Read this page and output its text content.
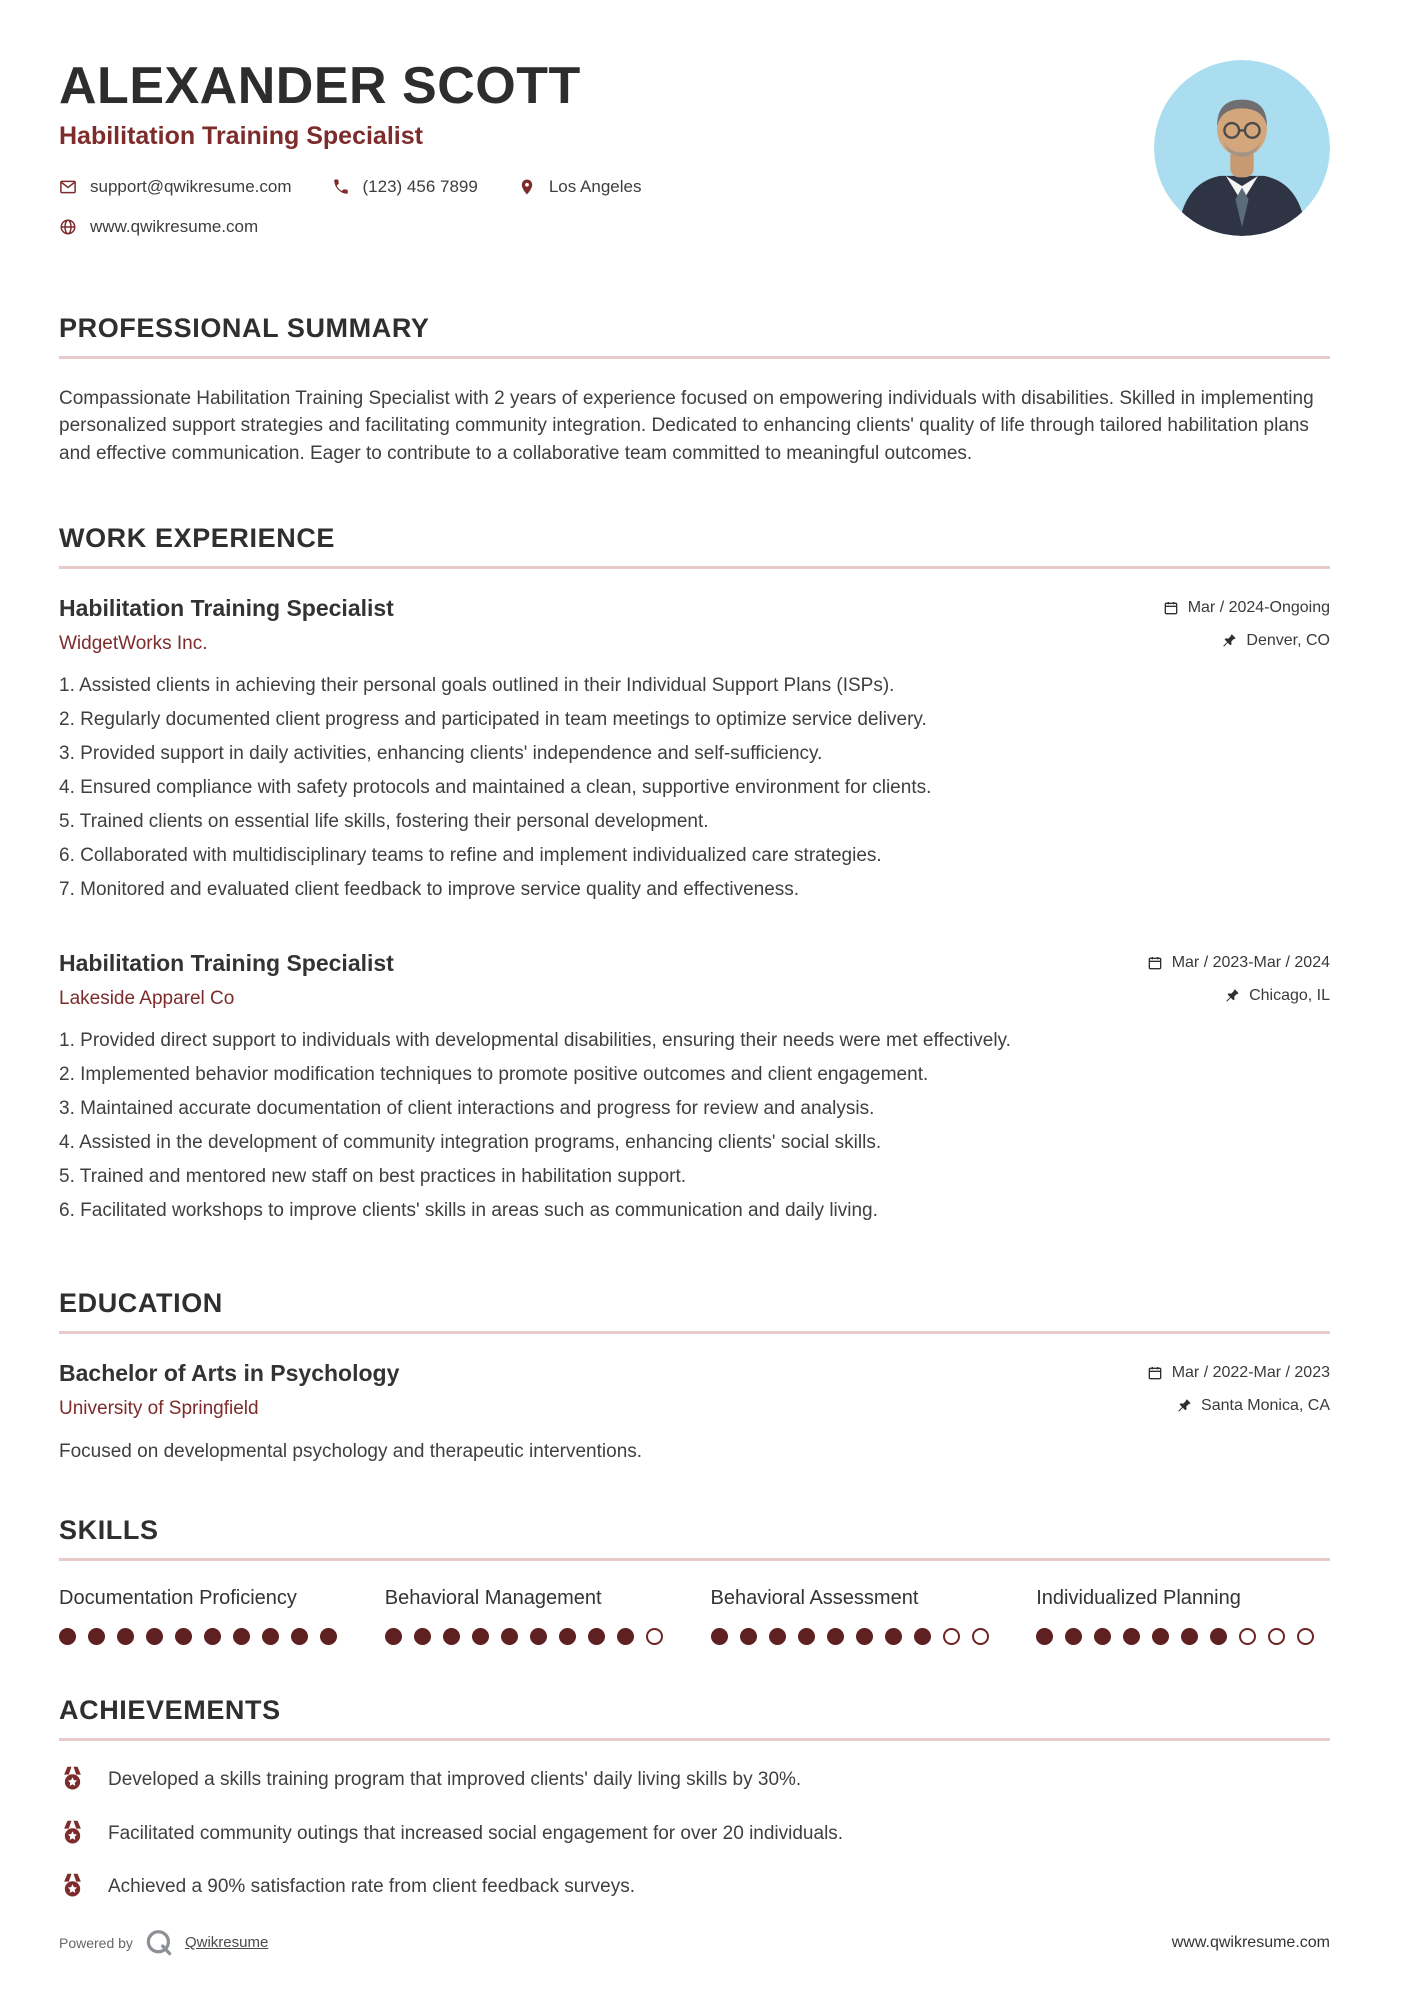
ALEXANDER SCOTT
Habilitation Training Specialist
support@qwikresume.com	(123) 456 7899	Los Angeles
www.qwikresume.com
PROFESSIONAL SUMMARY

Compassionate Habilitation Training Specialist with 2 years of experience focused on empowering individuals with disabilities. Skilled in implementing personalized support strategies and facilitating community integration. Dedicated to enhancing clients' quality of life through tailored habilitation plans and effective communication. Eager to contribute to a collaborative team committed to meaningful outcomes.

WORK EXPERIENCE
Habilitation Training Specialist	Mar / 2024-Ongoing
WidgetWorks Inc.	Denver, CO
Assisted clients in achieving their personal goals outlined in their Individual Support Plans (ISPs).
Regularly documented client progress and participated in team meetings to optimize service delivery.
Provided support in daily activities, enhancing clients' independence and self-sufficiency.
Ensured compliance with safety protocols and maintained a clean, supportive environment for clients.
Trained clients on essential life skills, fostering their personal development.
Collaborated with multidisciplinary teams to refine and implement individualized care strategies.
Monitored and evaluated client feedback to improve service quality and effectiveness.
Habilitation Training Specialist	Mar / 2023-Mar / 2024
Lakeside Apparel Co	Chicago, IL
Provided direct support to individuals with developmental disabilities, ensuring their needs were met effectively.
Implemented behavior modification techniques to promote positive outcomes and client engagement.
Maintained accurate documentation of client interactions and progress for review and analysis.
Assisted in the development of community integration programs, enhancing clients' social skills.
Trained and mentored new staff on best practices in habilitation support.
Facilitated workshops to improve clients' skills in areas such as communication and daily living.
EDUCATION
Bachelor of Arts in Psychology	Mar / 2022-Mar / 2023
University of Springfield	Santa Monica, CA

Focused on developmental psychology and therapeutic interventions.

SKILLS
Documentation Proficiency	Behavioral Management	Behavioral Assessment	Individualized Planning
ACHIEVEMENTS
Developed a skills training program that improved clients' daily living skills by 30%.
Facilitated community outings that increased social engagement for over 20 individuals.
Achieved a 90% satisfaction rate from client feedback surveys.
Powered by	Qwikresume	www.qwikresume.com
